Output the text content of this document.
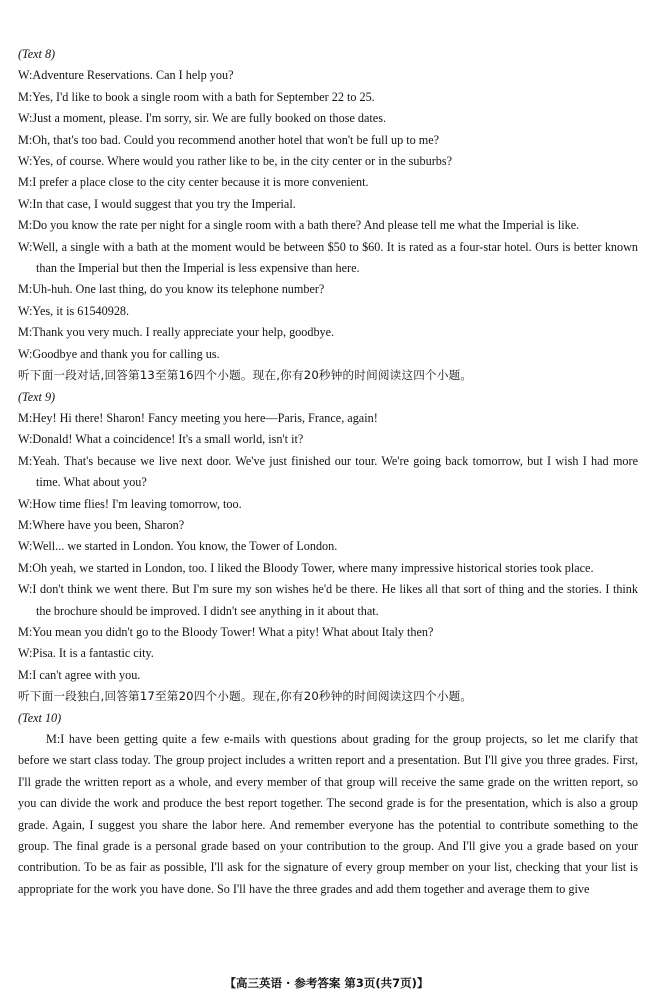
(Text 8)
W:Adventure Reservations. Can I help you?
M:Yes, I'd like to book a single room with a bath for September 22 to 25.
W:Just a moment, please. I'm sorry, sir. We are fully booked on those dates.
M:Oh, that's too bad. Could you recommend another hotel that won't be full up to me?
W:Yes, of course. Where would you rather like to be, in the city center or in the suburbs?
M:I prefer a place close to the city center because it is more convenient.
W:In that case, I would suggest that you try the Imperial.
M:Do you know the rate per night for a single room with a bath there? And please tell me what the Imperial is like.
W:Well, a single with a bath at the moment would be between $50 to $60. It is rated as a four-star hotel. Ours is better known than the Imperial but then the Imperial is less expensive than here.
M:Uh-huh. One last thing, do you know its telephone number?
W:Yes, it is 61540928.
M:Thank you very much. I really appreciate your help, goodbye.
W:Goodbye and thank you for calling us.
听下面一段对话,回答第13至第16四个小题。现在,你有20秒钟的时间阅读这四个小题。
(Text 9)
M:Hey! Hi there! Sharon! Fancy meeting you here—Paris, France, again!
W:Donald! What a coincidence! It's a small world, isn't it?
M:Yeah. That's because we live next door. We've just finished our tour. We're going back tomorrow, but I wish I had more time. What about you?
W:How time flies! I'm leaving tomorrow, too.
M:Where have you been, Sharon?
W:Well... we started in London. You know, the Tower of London.
M:Oh yeah, we started in London, too. I liked the Bloody Tower, where many impressive historical stories took place.
W:I don't think we went there. But I'm sure my son wishes he'd be there. He likes all that sort of thing and the stories. I think the brochure should be improved. I didn't see anything in it about that.
M:You mean you didn't go to the Bloody Tower! What a pity! What about Italy then?
W:Pisa. It is a fantastic city.
M:I can't agree with you.
听下面一段独白,回答第17至第20四个小题。现在,你有20秒钟的时间阅读这四个小题。
(Text 10)
M:I have been getting quite a few e-mails with questions about grading for the group projects, so let me clarify that before we start class today. The group project includes a written report and a presentation. But I'll give you three grades. First, I'll grade the written report as a whole, and every member of that group will receive the same grade on the written report, so you can divide the work and produce the best report together. The second grade is for the presentation, which is also a group grade. Again, I suggest you share the labor here. And remember everyone has the potential to contribute something to the group. The final grade is a personal grade based on your contribution to the group. And I'll give you a grade based on your contribution. To be as fair as possible, I'll ask for the signature of every group member on your list, checking that your list is appropriate for the work you have done. So I'll have the three grades and add them together and average them to give
【高三英语 · 参考答案 第3页(共7页)】
